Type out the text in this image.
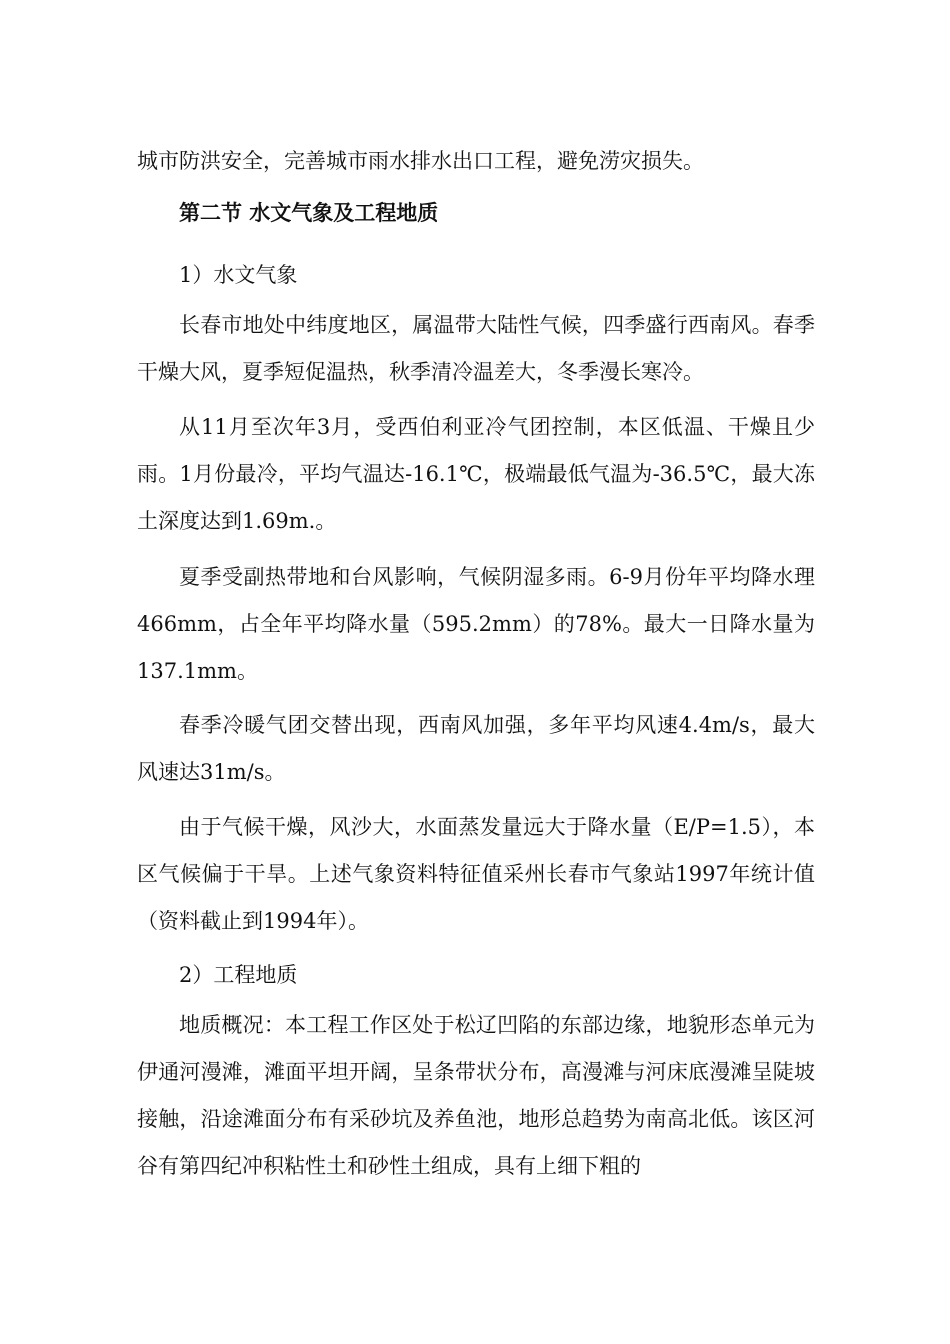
城市防洪安全，完善城市雨水排水出口工程，避免涝灾损失。

第二节 水文气象及工程地质

1）水文气象

长春市地处中纬度地区，属温带大陆性气候，四季盛行西南风。春季干燥大风，夏季短促温热，秋季清冷温差大，冬季漫长寒冷。

从11月至次年3月，受西伯利亚冷气团控制，本区低温、干燥且少雨。1月份最冷，平均气温达-16.1℃，极端最低气温为-36.5℃，最大冻土深度达到1.69m.。

夏季受副热带地和台风影响，气候阴湿多雨。6-9月份年平均降水理466mm，占全年平均降水量（595.2mm）的78%。最大一日降水量为137.1mm。

春季冷暖气团交替出现，西南风加强，多年平均风速4.4m/s，最大风速达31m/s。

由于气候干燥，风沙大，水面蒸发量远大于降水量（E/P=1.5），本区气候偏于干旱。上述气象资料特征值采州长春市气象站1997年统计值（资料截止到1994年）。

2）工程地质

地质概况：本工程工作区处于松辽凹陷的东部边缘，地貌形态单元为伊通河漫滩，滩面平坦开阔，呈条带状分布，高漫滩与河床底漫滩呈陡坡接触，沿途滩面分布有采砂坑及养鱼池，地形总趋势为南高北低。该区河谷有第四纪冲积粘性土和砂性土组成，具有上细下粗的
